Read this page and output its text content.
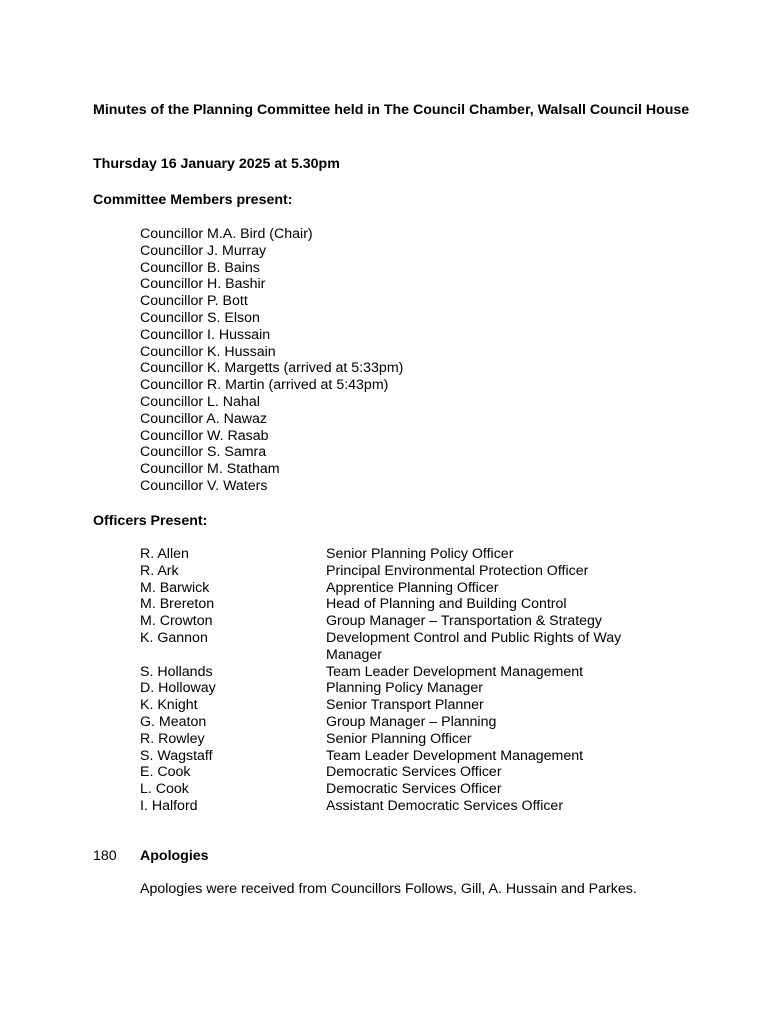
Minutes of the Planning Committee held in The Council Chamber, Walsall Council House
Thursday 16 January 2025 at 5.30pm
Committee Members present:
Councillor M.A. Bird (Chair)
Councillor J. Murray
Councillor B. Bains
Councillor H. Bashir
Councillor P. Bott
Councillor S. Elson
Councillor I. Hussain
Councillor K. Hussain
Councillor K. Margetts (arrived at 5:33pm)
Councillor R. Martin (arrived at 5:43pm)
Councillor L. Nahal
Councillor A. Nawaz
Councillor W. Rasab
Councillor S. Samra
Councillor M. Statham
Councillor V. Waters
Officers Present:
R. Allen	Senior Planning Policy Officer
R. Ark	Principal Environmental Protection Officer
M. Barwick	Apprentice Planning Officer
M. Brereton	Head of Planning and Building Control
M. Crowton	Group Manager – Transportation & Strategy
K. Gannon	Development Control and Public Rights of Way Manager
S. Hollands	Team Leader Development Management
D. Holloway	Planning Policy Manager
K. Knight	Senior Transport Planner
G. Meaton	Group Manager – Planning
R. Rowley	Senior Planning Officer
S. Wagstaff	Team Leader Development Management
E. Cook	Democratic Services Officer
L. Cook	Democratic Services Officer
I. Halford	Assistant Democratic Services Officer
180 Apologies
Apologies were received from Councillors Follows, Gill, A. Hussain and Parkes.
